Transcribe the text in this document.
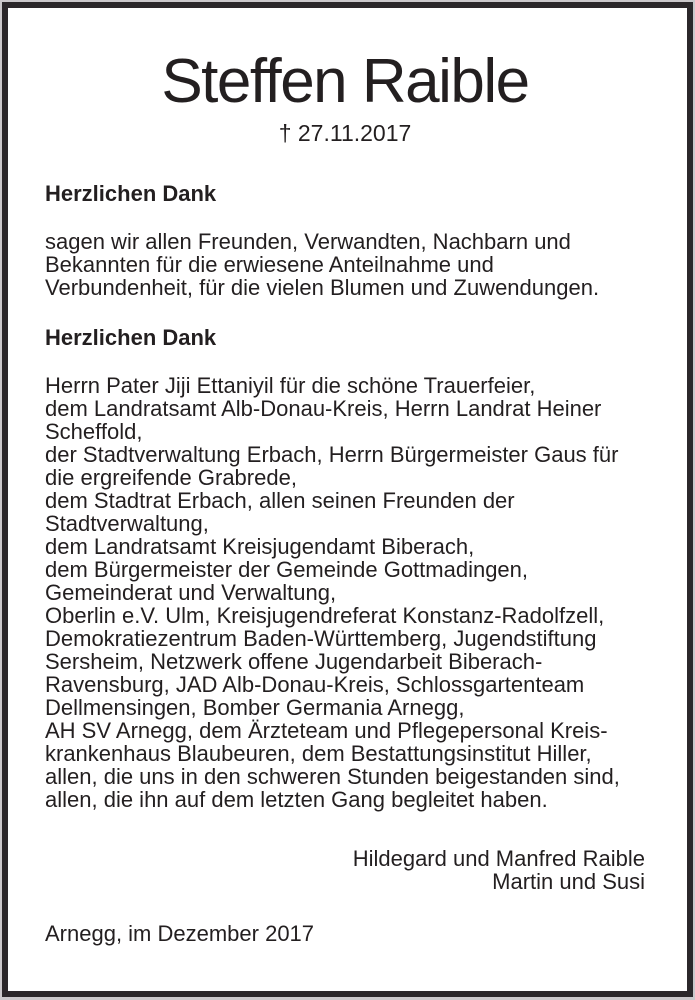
Steffen Raible
† 27.11.2017
Herzlichen Dank
sagen wir allen Freunden, Verwandten, Nachbarn und
Bekannten für die erwiesene Anteilnahme und
Verbundenheit, für die vielen Blumen und Zuwendungen.
Herzlichen Dank
Herrn Pater Jiji Ettaniyil für die schöne Trauerfeier,
dem Landratsamt Alb-Donau-Kreis, Herrn Landrat Heiner
Scheffold,
der Stadtverwaltung Erbach, Herrn Bürgermeister Gaus für
die ergreifende Grabrede,
dem Stadtrat Erbach, allen seinen Freunden der
Stadtverwaltung,
dem Landratsamt Kreisjugendamt Biberach,
dem Bürgermeister der Gemeinde Gottmadingen,
Gemeinderat und Verwaltung,
Oberlin e.V. Ulm, Kreisjugendreferat Konstanz-Radolfzell,
Demokratiezentrum Baden-Württemberg, Jugendstiftung
Sersheim, Netzwerk offene Jugendarbeit Biberach-
Ravensburg, JAD Alb-Donau-Kreis, Schlossgartenteam
Dellmensingen, Bomber Germania Arnegg,
AH SV Arnegg, dem Ärzteteam und Pflegepersonal Kreis-
krankenhaus Blaubeuren, dem Bestattungsinstitut Hiller,
allen, die uns in den schweren Stunden beigestanden sind,
allen, die ihn auf dem letzten Gang begleitet haben.
Hildegard und Manfred Raible
Martin und Susi
Arnegg, im Dezember 2017
